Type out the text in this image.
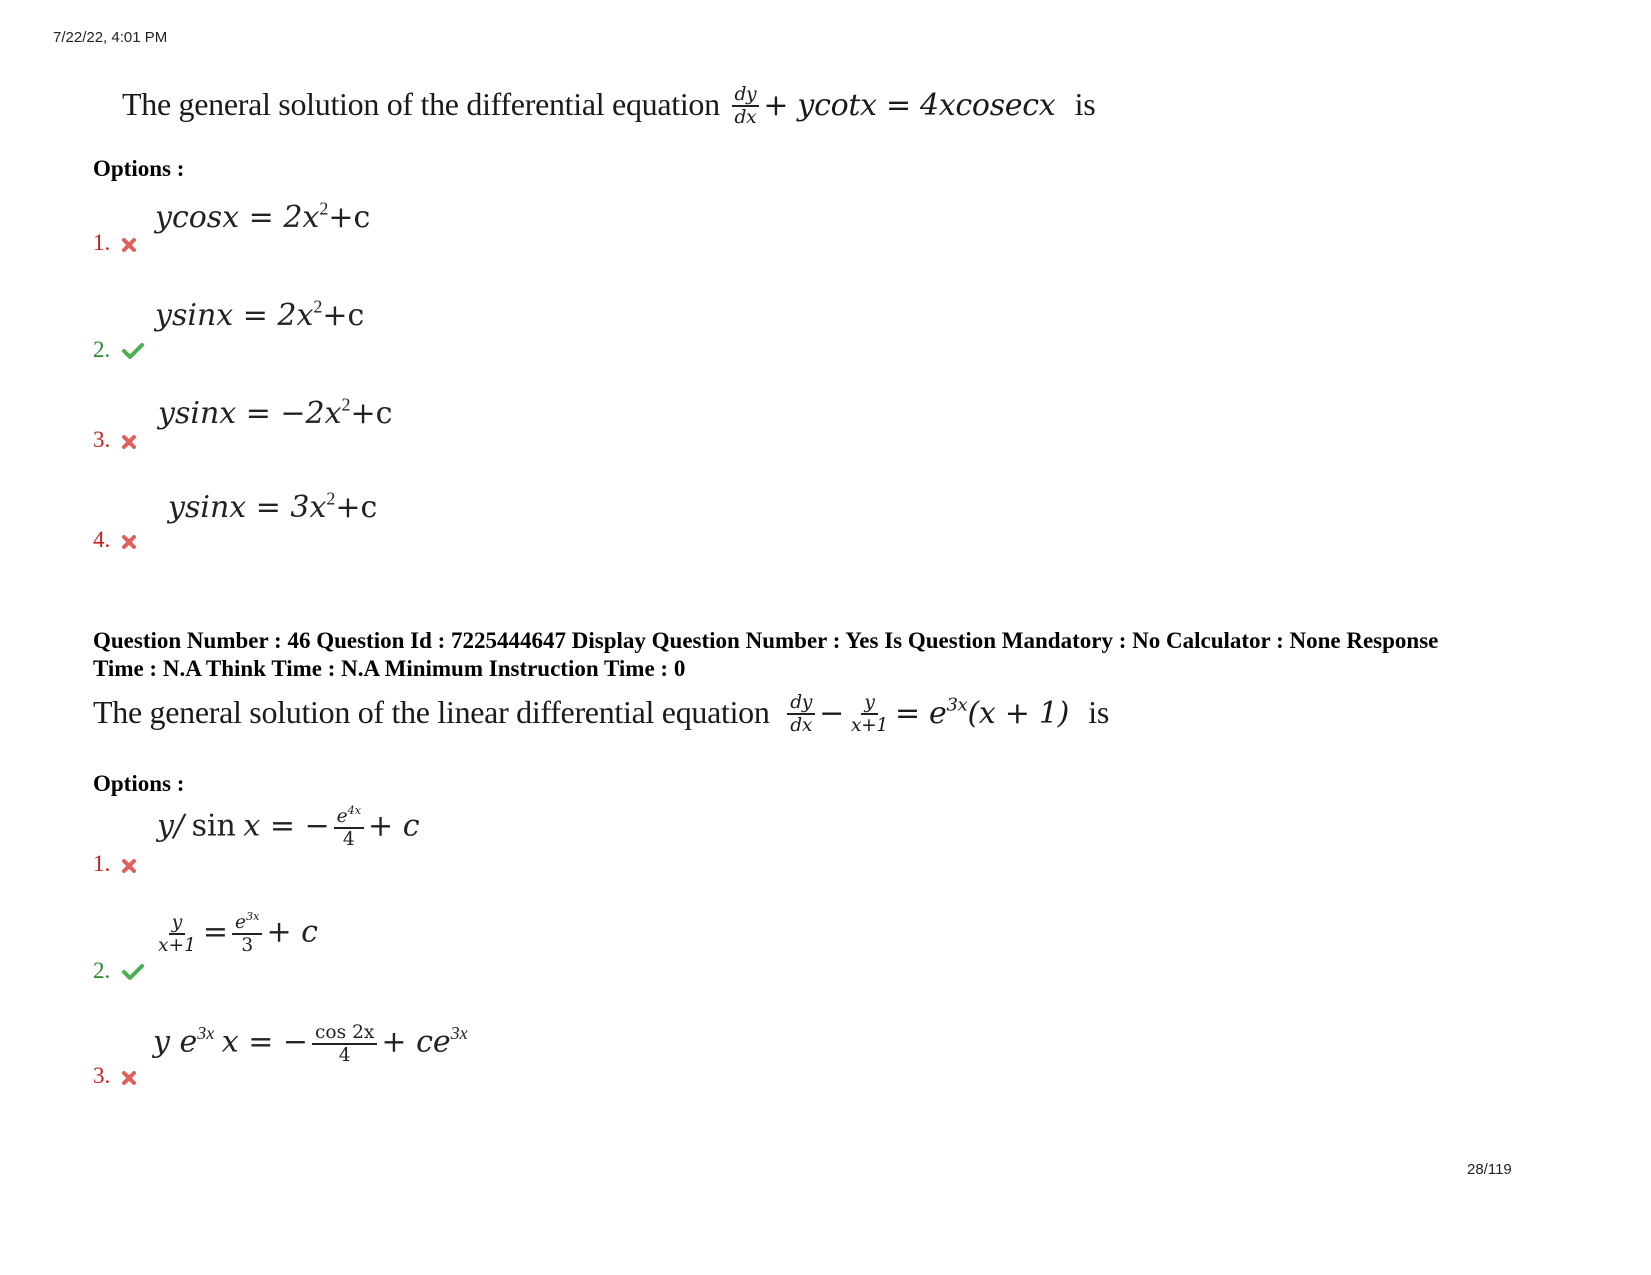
7/22/22, 4:01 PM
The general solution of the differential equation $\frac{dy}{dx} + ycotx = 4xcosecx$ is
Options :
1.
$ycosx = 2x^2+c$
2.
$ysinx = 2x^2+c$
3.
$ysinx = -2x^2+c$
4.
$ysinx = 3x^2+c$
Question Number : 46 Question Id : 7225444647 Display Question Number : Yes Is Question Mandatory : No Calculator : None Response
Time : N.A Think Time : N.A Minimum Instruction Time : 0
The general solution of the linear differential equation $\frac{dy}{dx} - \frac{y}{x+1} = e^{3x}(x + 1)$ is
Options :
1.
y/ sin x = − $\frac{e^{4x}}{4} + c$
2.
$\frac{y}{x+1} = \frac{e^{3x}}{3} + c$
3.
y $e^{3x}$ x = − $\frac{\cos 2x}{4} + ce^{3x}$
28/119
